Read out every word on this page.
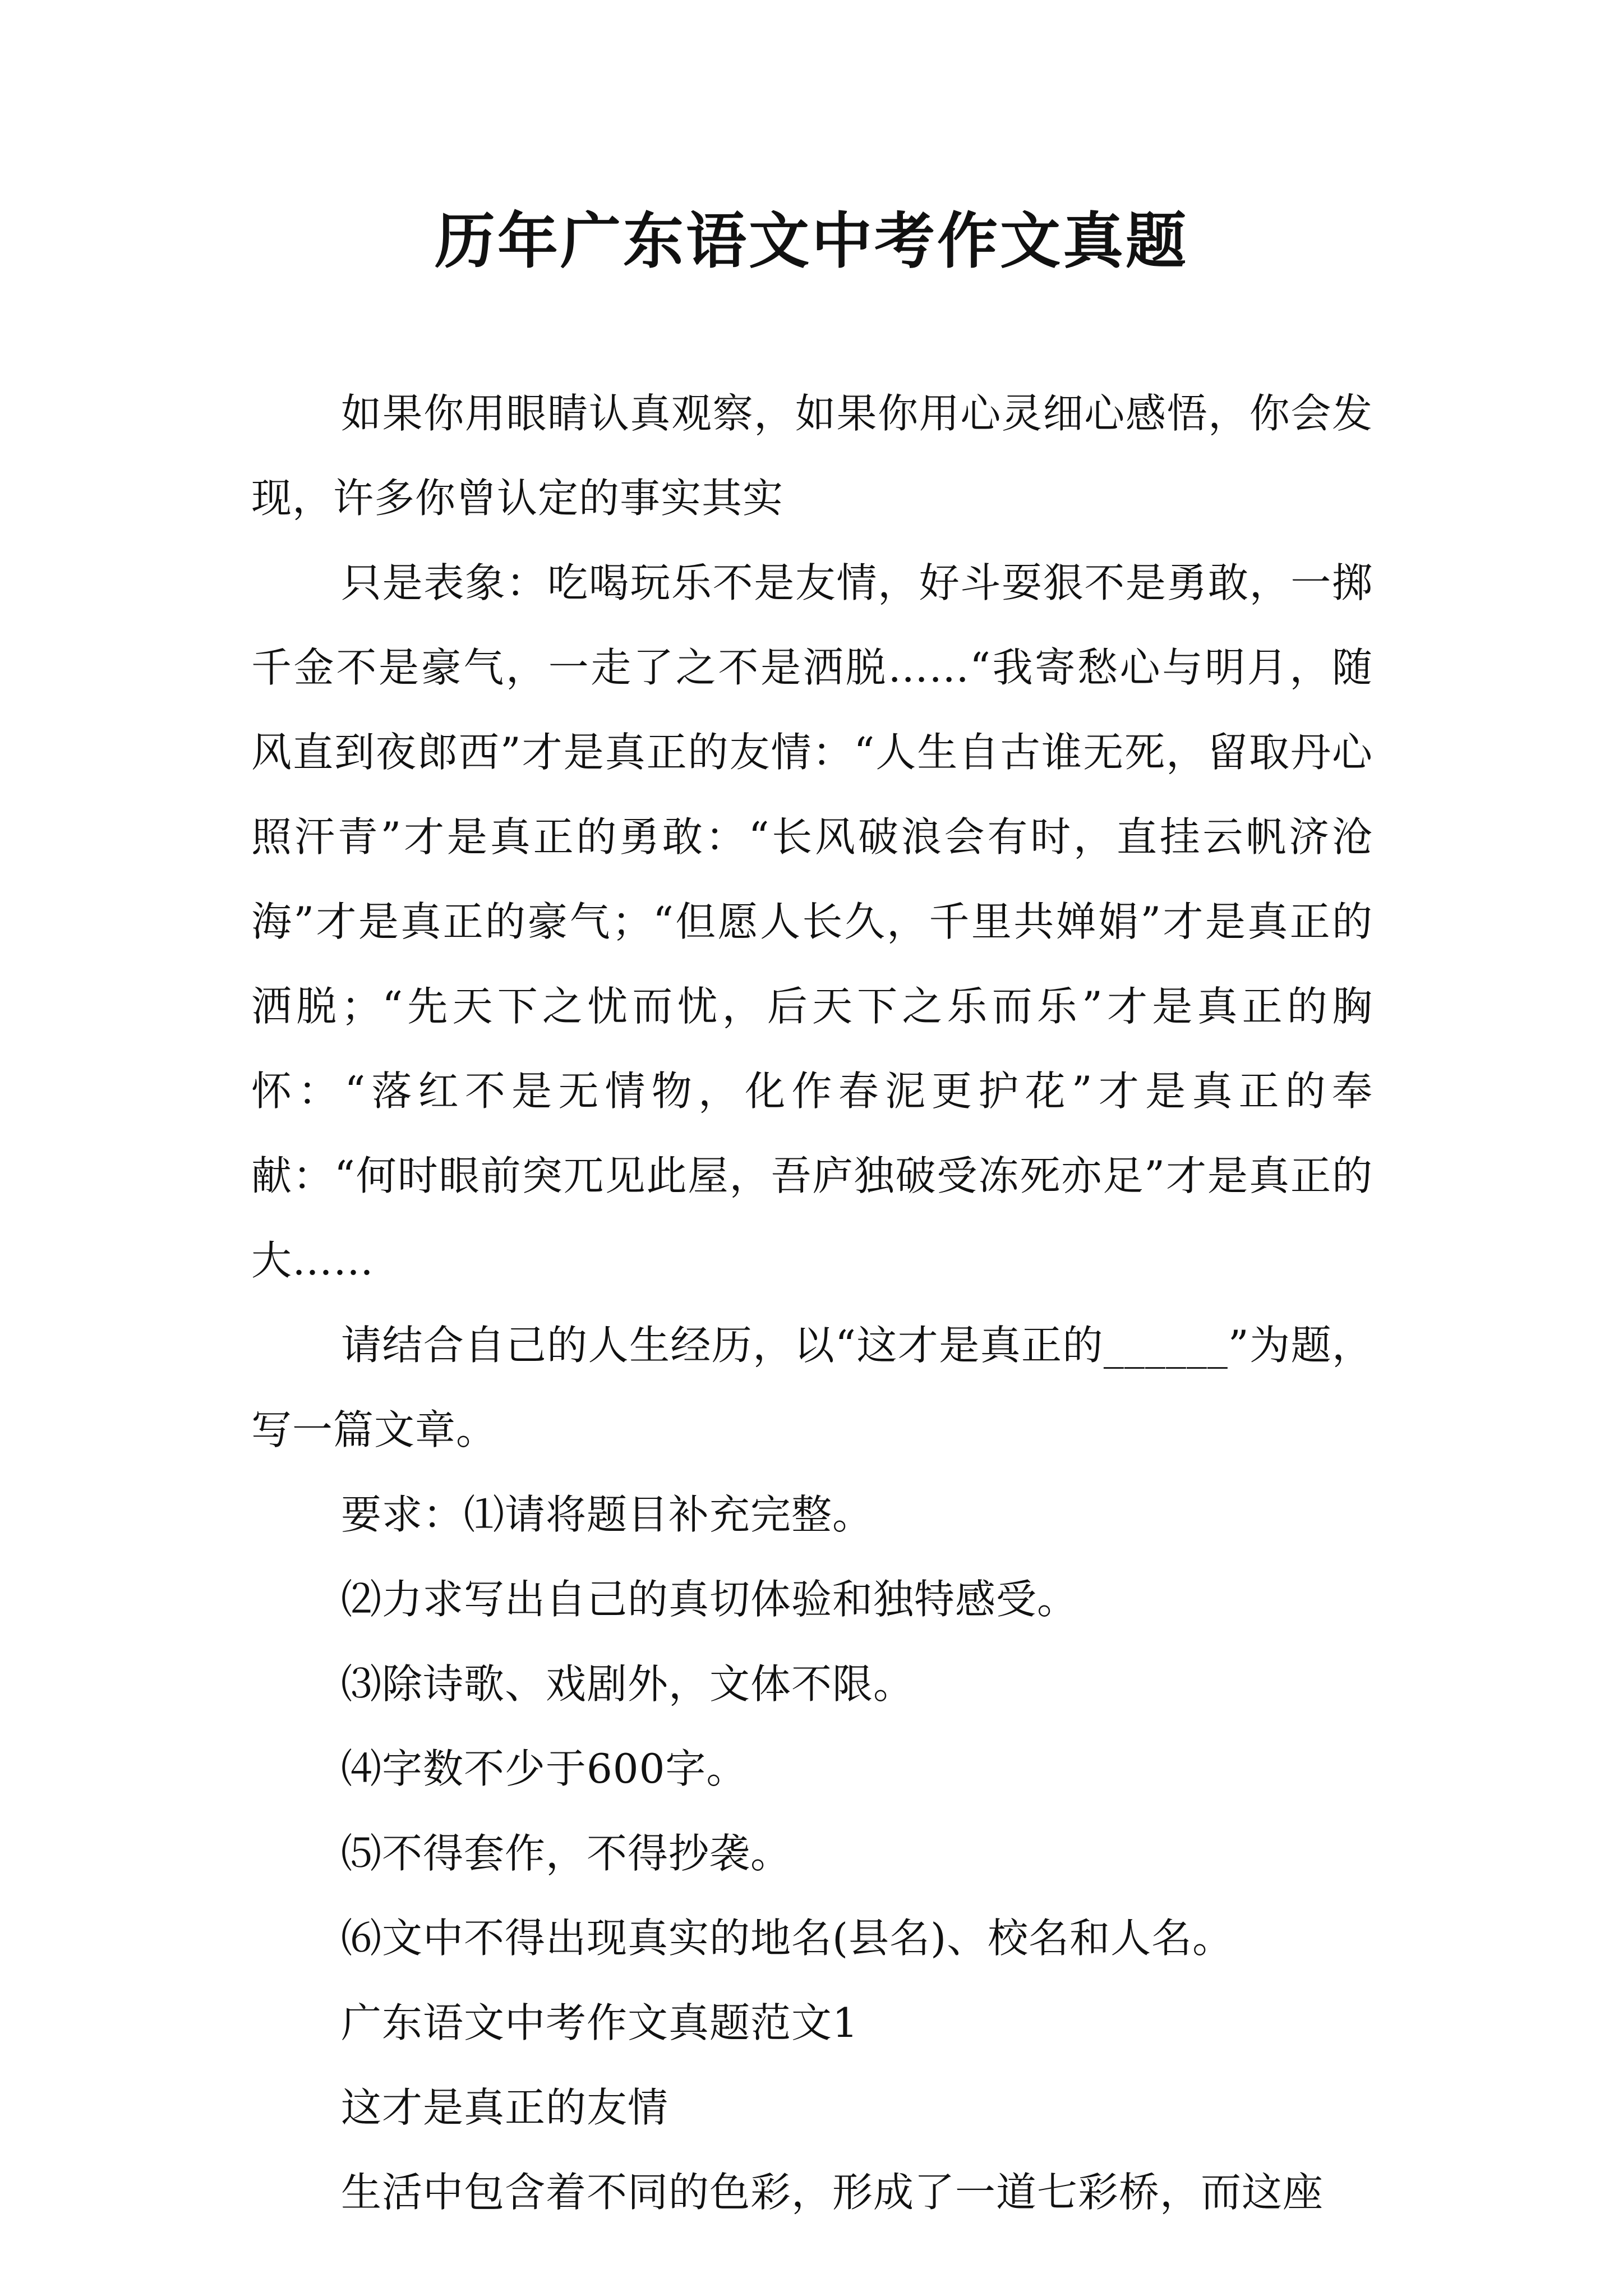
历年广东语文中考作文真题

如果你用眼睛认真观察，如果你用心灵细心感悟，你会发现，许多你曾认定的事实其实

只是表象：吃喝玩乐不是友情，好斗耍狠不是勇敢，一掷千金不是豪气，一走了之不是洒脱……“我寄愁心与明月，随风直到夜郎西”才是真正的友情：“人生自古谁无死，留取丹心照汗青”才是真正的勇敢：“长风破浪会有时，直挂云帆济沧海”才是真正的豪气；“但愿人长久，千里共婵娟”才是真正的洒脱；“先天下之忧而忧，后天下之乐而乐”才是真正的胸怀：“落红不是无情物，化作春泥更护花”才是真正的奉献：“何时眼前突兀见此屋，吾庐独破受冻死亦足”才是真正的大……

请结合自己的人生经历，以“这才是真正的______”为题，写一篇文章。

要求：⑴请将题目补充完整。

⑵力求写出自己的真切体验和独特感受。

⑶除诗歌、戏剧外，文体不限。

⑷字数不少于600字。

⑸不得套作，不得抄袭。

⑹文中不得出现真实的地名(县名)、校名和人名。

广东语文中考作文真题范文1

这才是真正的友情

生活中包含着不同的色彩，形成了一道七彩桥，而这座
